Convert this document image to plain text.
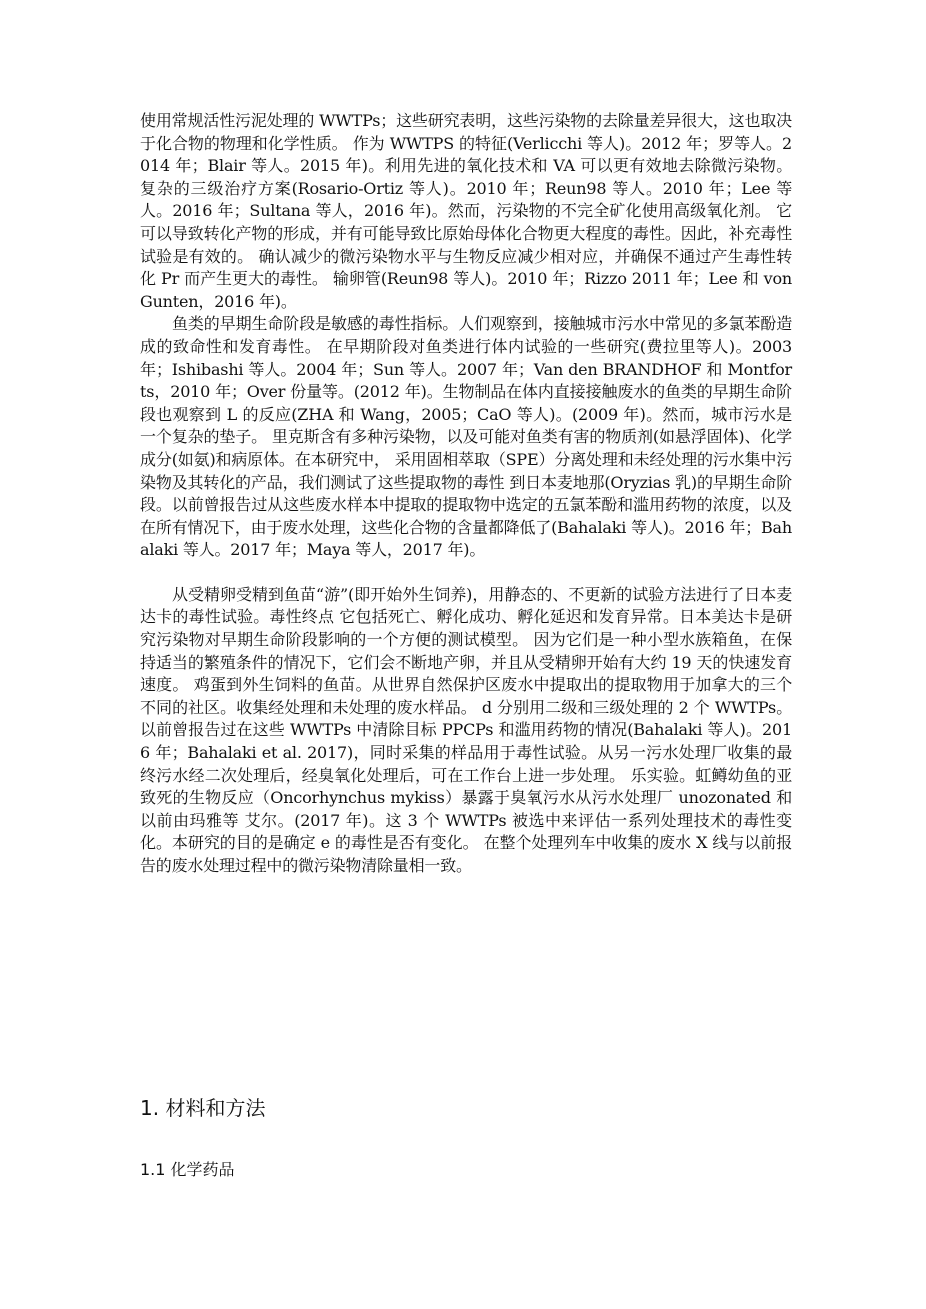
使用常规活性污泥处理的 WWTPs；这些研究表明，这些污染物的去除量差异很大，这也取决于化合物的物理和化学性质。 作为 WWTPS 的特征(Verlicchi 等人)。2012 年；罗等人。2014 年；Blair 等人。2015 年)。利用先进的氧化技术和 VA 可以更有效地去除微污染物。 复杂的三级治疗方案(Rosario-Ortiz 等人)。2010 年；Reun98 等人。2010 年；Lee 等人。2016 年；Sultana 等人，2016 年)。然而，污染物的不完全矿化使用高级氧化剂。 它可以导致转化产物的形成，并有可能导致比原始母体化合物更大程度的毒性。因此，补充毒性试验是有效的。 确认减少的微污染物水平与生物反应减少相对应，并确保不通过产生毒性转化 Pr 而产生更大的毒性。 输卵管(Reun98 等人)。2010 年；Rizzo 2011 年；Lee 和 von Gunten，2016 年)。

鱼类的早期生命阶段是敏感的毒性指标。人们观察到，接触城市污水中常见的多氯苯酚造成的致命性和发育毒性。 在早期阶段对鱼类进行体内试验的一些研究(费拉里等人)。2003 年；Ishibashi 等人。2004 年；Sun 等人。2007 年；Van den BRANDHOF 和 Montforts，2010 年；Over 份量等。(2012 年)。生物制品在体内直接接触废水的鱼类的早期生命阶段也观察到 L 的反应(ZHA 和 Wang，2005；CaO 等人)。(2009 年)。然而，城市污水是一个复杂的垫子。 里克斯含有多种污染物，以及可能对鱼类有害的物质剂(如悬浮固体)、化学成分(如氨)和病原体。在本研究中， 采用固相萃取（SPE）分离处理和未经处理的污水集中污染物及其转化的产品，我们测试了这些提取物的毒性 到日本麦地那(Oryzias 乳)的早期生命阶段。以前曾报告过从这些废水样本中提取的提取物中选定的五氯苯酚和滥用药物的浓度，以及 在所有情况下，由于废水处理，这些化合物的含量都降低了(Bahalaki 等人)。2016 年；Bahalaki 等人。2017 年；Maya 等人，2017 年)。

从受精卵受精到鱼苗“游”(即开始外生饲养)，用静态的、不更新的试验方法进行了日本麦达卡的毒性试验。毒性终点 它包括死亡、孵化成功、孵化延迟和发育异常。日本美达卡是研究污染物对早期生命阶段影响的一个方便的测试模型。 因为它们是一种小型水族箱鱼，在保持适当的繁殖条件的情况下，它们会不断地产卵，并且从受精卵开始有大约 19 天的快速发育速度。 鸡蛋到外生饲料的鱼苗。从世界自然保护区废水中提取出的提取物用于加拿大的三个不同的社区。收集经处理和未处理的废水样品。 d 分别用二级和三级处理的 2 个 WWTPs。以前曾报告过在这些 WWTPs 中清除目标 PPCPs 和滥用药物的情况(Bahalaki 等人)。2016 年；Bahalaki et al. 2017)，同时采集的样品用于毒性试验。从另一污水处理厂收集的最终污水经二次处理后，经臭氧化处理后，可在工作台上进一步处理。 乐实验。虹鳟幼鱼的亚致死的生物反应（Oncorhynchus mykiss）暴露于臭氧污水从污水处理厂 unozonated 和以前由玛雅等 艾尔。(2017 年)。这 3 个 WWTPs 被选中来评估一系列处理技术的毒性变化。本研究的目的是确定 e 的毒性是否有变化。 在整个处理列车中收集的废水 X 线与以前报告的废水处理过程中的微污染物清除量相一致。

1. 材料和方法
1.1 化学药品
